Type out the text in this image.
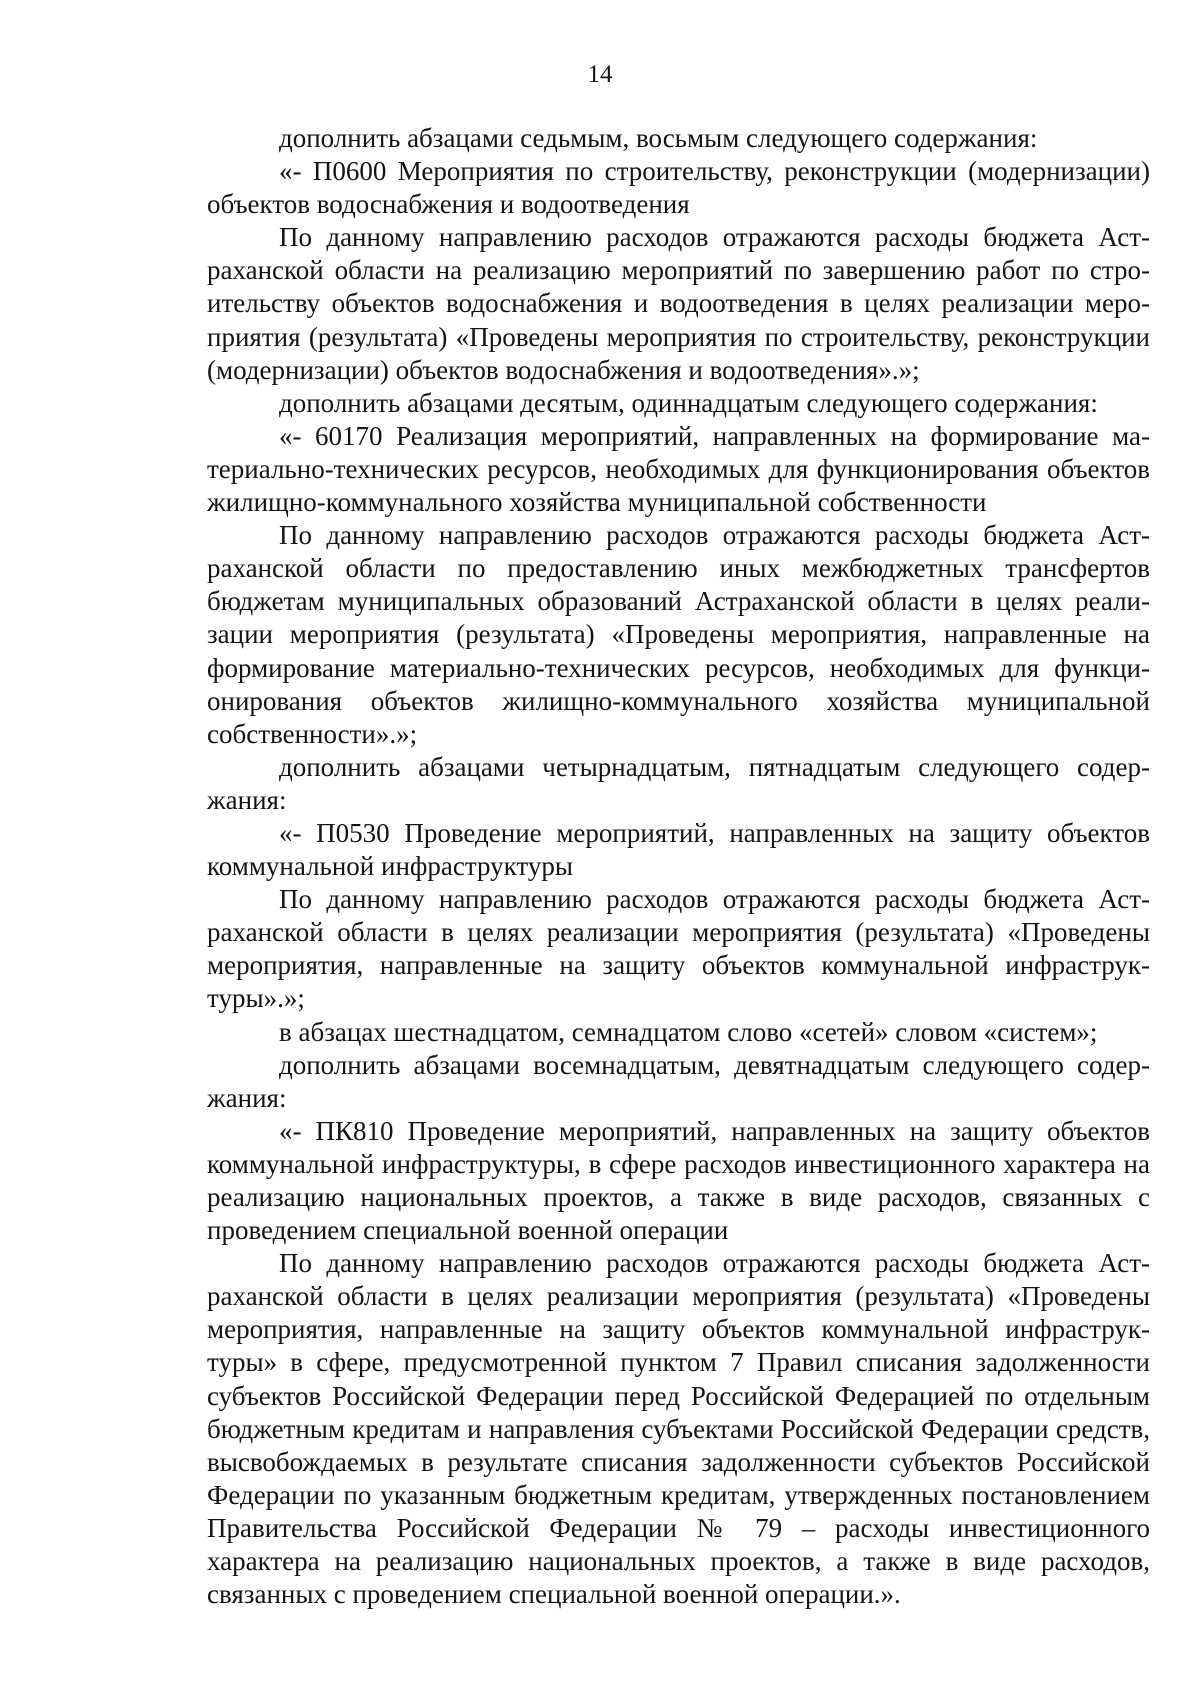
14

дополнить абзацами седьмым, восьмым следующего содержания:

«- П0600 Мероприятия по строительству, реконструкции (модернизации) объектов водоснабжения и водоотведения

По данному направлению расходов отражаются расходы бюджета Астраханской области на реализацию мероприятий по завершению работ по строительству объектов водоснабжения и водоотведения в целях реализации мероприятия (результата) «Проведены мероприятия по строительству, реконструкции (модернизации) объектов водоснабжения и водоотведения».»;

дополнить абзацами десятым, одиннадцатым следующего содержания:

«- 60170 Реализация мероприятий, направленных на формирование материально-технических ресурсов, необходимых для функционирования объектов жилищно-коммунального хозяйства муниципальной собственности

По данному направлению расходов отражаются расходы бюджета Астраханской области по предоставлению иных межбюджетных трансфертов бюджетам муниципальных образований Астраханской области в целях реализации мероприятия (результата) «Проведены мероприятия, направленные на формирование материально-технических ресурсов, необходимых для функционирования объектов жилищно-коммунального хозяйства муниципальной собственности».»;

дополнить абзацами четырнадцатым, пятнадцатым следующего содержания:

«- П0530 Проведение мероприятий, направленных на защиту объектов коммунальной инфраструктуры

По данному направлению расходов отражаются расходы бюджета Астраханской области в целях реализации мероприятия (результата) «Проведены мероприятия, направленные на защиту объектов коммунальной инфраструктуры».»;

в абзацах шестнадцатом, семнадцатом слово «сетей» словом «систем»;

дополнить абзацами восемнадцатым, девятнадцатым следующего содержания:

«- ПК810 Проведение мероприятий, направленных на защиту объектов коммунальной инфраструктуры, в сфере расходов инвестиционного характера на реализацию национальных проектов, а также в виде расходов, связанных с проведением специальной военной операции

По данному направлению расходов отражаются расходы бюджета Астраханской области в целях реализации мероприятия (результата) «Проведены мероприятия, направленные на защиту объектов коммунальной инфраструктуры» в сфере, предусмотренной пунктом 7 Правил списания задолженности субъектов Российской Федерации перед Российской Федерацией по отдельным бюджетным кредитам и направления субъектами Российской Федерации средств, высвобождаемых в результате списания задолженности субъектов Российской Федерации по указанным бюджетным кредитам, утвержденных постановлением Правительства Российской Федерации № 79 – расходы инвестиционного характера на реализацию национальных проектов, а также в виде расходов, связанных с проведением специальной военной операции.».
